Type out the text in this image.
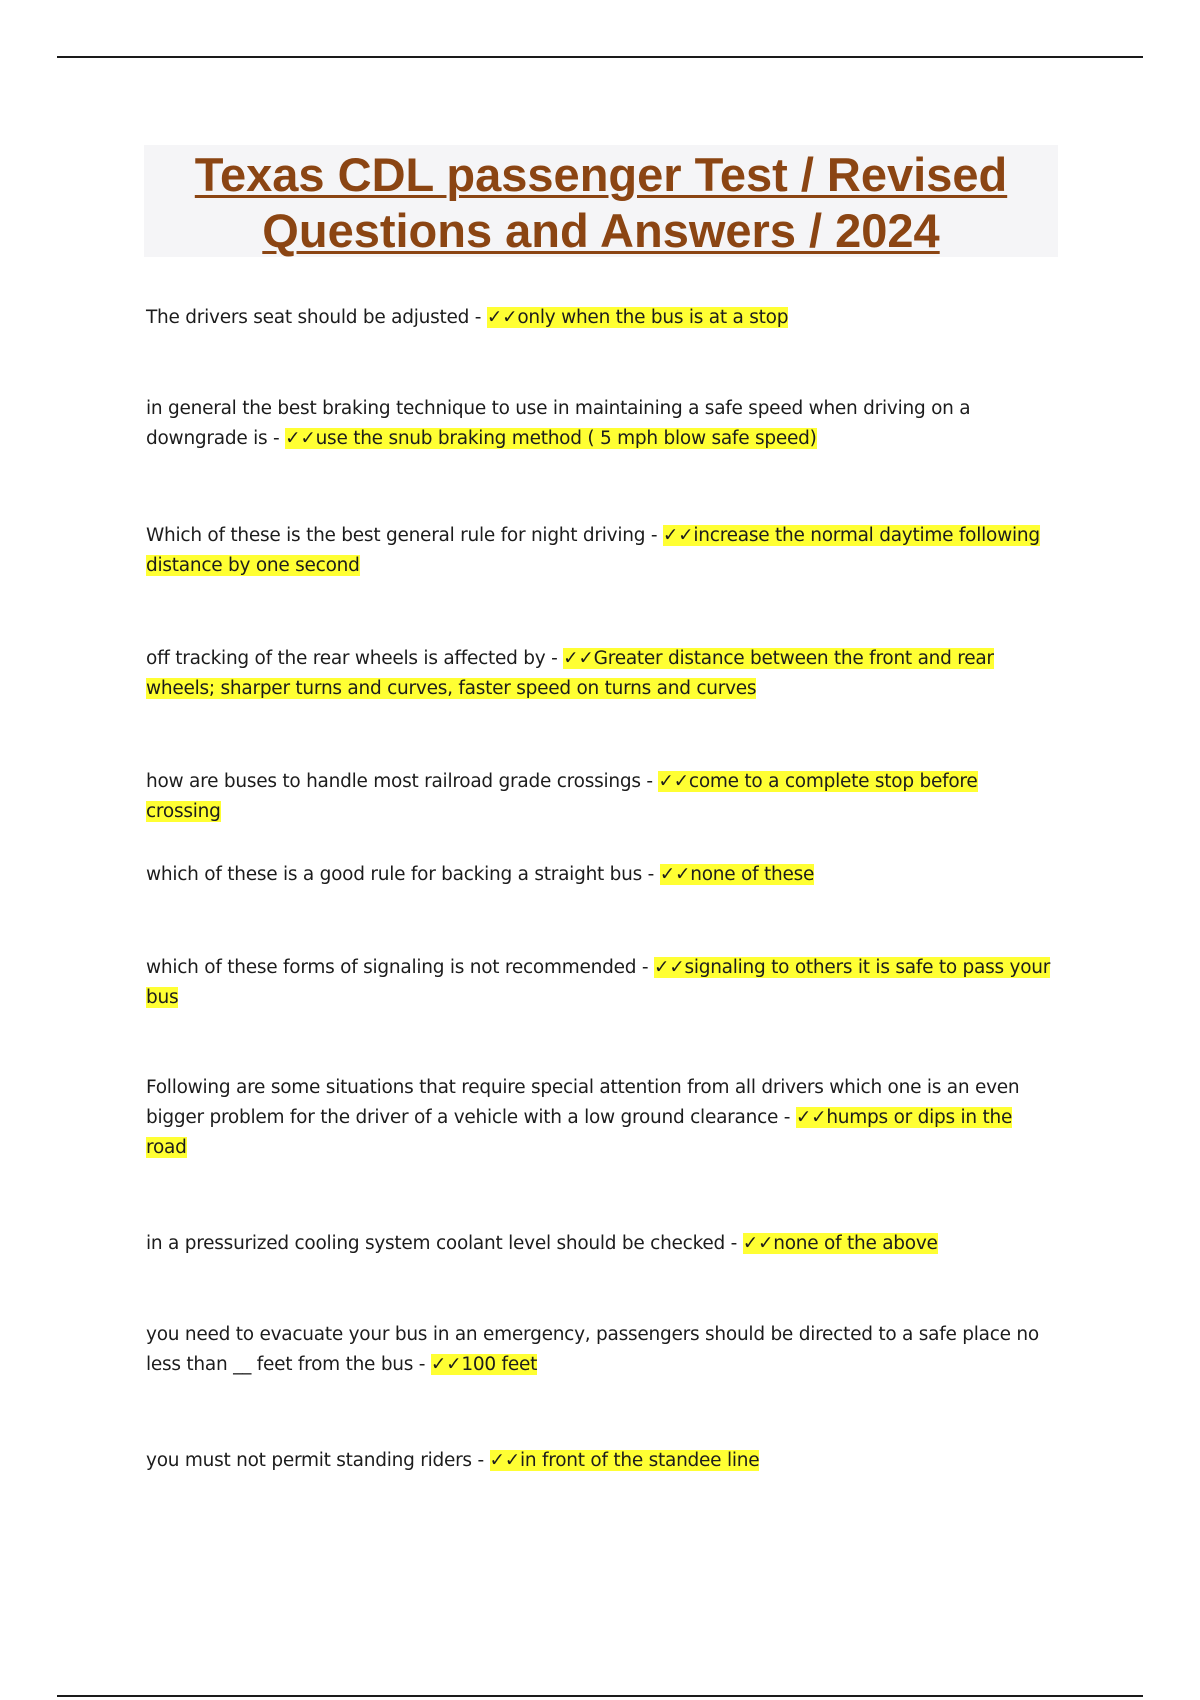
Texas CDL passenger Test / Revised
Questions and Answers / 2024

The drivers seat should be adjusted - ✓✓only when the bus is at a stop

in general the best braking technique to use in maintaining a safe speed when driving on a downgrade is - ✓✓use the snub braking method ( 5 mph blow safe speed)

Which of these is the best general rule for night driving - ✓✓increase the normal daytime following distance by one second

off tracking of the rear wheels is affected by - ✓✓Greater distance between the front and rear wheels; sharper turns and curves, faster speed on turns and curves

how are buses to handle most railroad grade crossings - ✓✓come to a complete stop before crossing

which of these is a good rule for backing a straight bus - ✓✓none of these

which of these forms of signaling is not recommended - ✓✓signaling to others it is safe to pass your bus

Following are some situations that require special attention from all drivers which one is an even bigger problem for the driver of a vehicle with a low ground clearance - ✓✓humps or dips in the road

in a pressurized cooling system coolant level should be checked - ✓✓none of the above

you need to evacuate your bus in an emergency, passengers should be directed to a safe place no less than __ feet from the bus - ✓✓100 feet

you must not permit standing riders - ✓✓in front of the standee line
